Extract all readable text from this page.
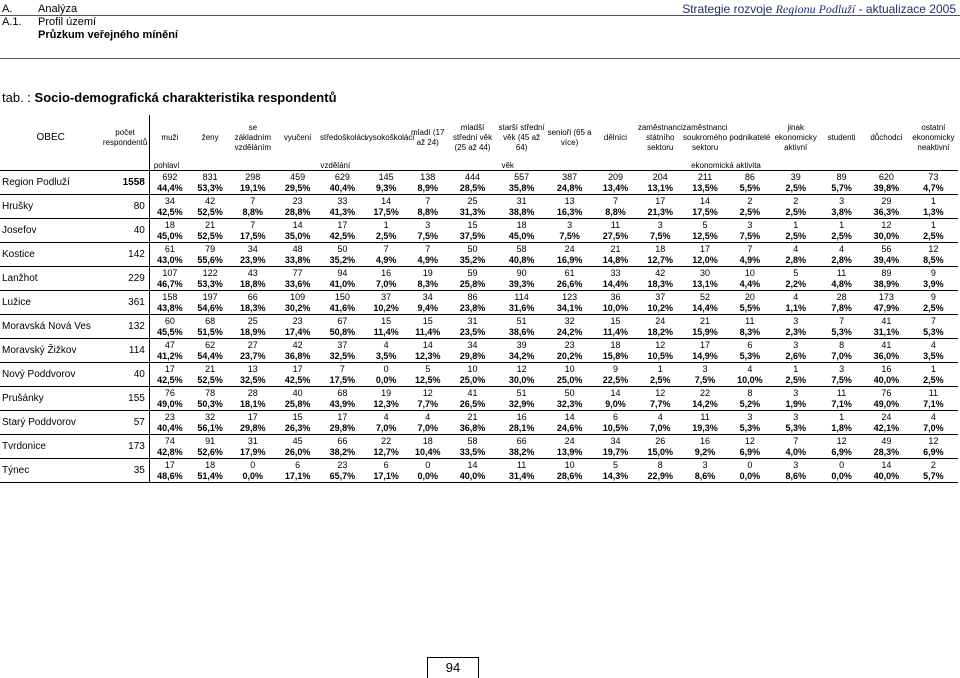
A.	Analýza
A.1.	Profil území
Průzkum veřejného mínění
Strategie rozvoje Regionu Podluží - aktualizace 2005
tab. : Socio-demografická charakteristika respondentů
OBEC	počet respondentů	muži	ženy	se základním vzděláním	vyučení	středoškoláci	vysokoškoláci	mladí (17 až 24)	mladší střední věk (25 až 44)	starší střední věk (45 až 64)	senioři (65 a více)	dělníci	zaměstnanci státního sektoru	zaměstnanci soukromého sektoru	podnikatelé	jinak ekonomicky aktivní	studenti	důchodci	ostatní ekonomicky neaktivní
		pohlaví		vzdělání				věk				ekonomická aktivita							
Region Podluží	1558	692	831	298	459	629	145	138	444	557	387	209	204	211	86	39	89	620	73
		44,4%	53,3%	19,1%	29,5%	40,4%	9,3%	8,9%	28,5%	35,8%	24,8%	13,4%	13,1%	13,5%	5,5%	2,5%	5,7%	39,8%	4,7%
Hrušky	80	34	42	7	23	33	14	7	25	31	13	7	17	14	2	2	3	29	1
		42,5%	52,5%	8,8%	28,8%	41,3%	17,5%	8,8%	31,3%	38,8%	16,3%	8,8%	21,3%	17,5%	2,5%	2,5%	3,8%	36,3%	1,3%
Josefov	40	18	21	7	14	17	1	3	15	18	3	11	3	5	3	1	1	12	1
		45,0%	52,5%	17,5%	35,0%	42,5%	2,5%	7,5%	37,5%	45,0%	7,5%	27,5%	7,5%	12,5%	7,5%	2,5%	2,5%	30,0%	2,5%
Kostice	142	61	79	34	48	50	7	7	50	58	24	21	18	17	7	4	4	56	12
		43,0%	55,6%	23,9%	33,8%	35,2%	4,9%	4,9%	35,2%	40,8%	16,9%	14,8%	12,7%	12,0%	4,9%	2,8%	2,8%	39,4%	8,5%
Lanžhot	229	107	122	43	77	94	16	19	59	90	61	33	42	30	10	5	11	89	9
		46,7%	53,3%	18,8%	33,6%	41,0%	7,0%	8,3%	25,8%	39,3%	26,6%	14,4%	18,3%	13,1%	4,4%	2,2%	4,8%	38,9%	3,9%
Lužice	361	158	197	66	109	150	37	34	86	114	123	36	37	52	20	4	28	173	9
		43,8%	54,6%	18,3%	30,2%	41,6%	10,2%	9,4%	23,8%	31,6%	34,1%	10,0%	10,2%	14,4%	5,5%	1,1%	7,8%	47,9%	2,5%
Moravská Nová Ves	132	60	68	25	23	67	15	15	31	51	32	15	24	21	11	3	7	41	7
		45,5%	51,5%	18,9%	17,4%	50,8%	11,4%	11,4%	23,5%	38,6%	24,2%	11,4%	18,2%	15,9%	8,3%	2,3%	5,3%	31,1%	5,3%
Moravský Žižkov	114	47	62	27	42	37	4	14	34	39	23	18	12	17	6	3	8	41	4
		41,2%	54,4%	23,7%	36,8%	32,5%	3,5%	12,3%	29,8%	34,2%	20,2%	15,8%	10,5%	14,9%	5,3%	2,6%	7,0%	36,0%	3,5%
Nový Poddvorov	40	17	21	13	17	7	0	5	10	12	10	9	1	3	4	1	3	16	1
		42,5%	52,5%	32,5%	42,5%	17,5%	0,0%	12,5%	25,0%	30,0%	25,0%	22,5%	2,5%	7,5%	10,0%	2,5%	7,5%	40,0%	2,5%
Prušánky	155	76	78	28	40	68	19	12	41	51	50	14	12	22	8	3	11	76	11
		49,0%	50,3%	18,1%	25,8%	43,9%	12,3%	7,7%	26,5%	32,9%	32,3%	9,0%	7,7%	14,2%	5,2%	1,9%	7,1%	49,0%	7,1%
Starý Poddvorov	57	23	32	17	15	17	4	4	21	16	14	6	4	11	3	3	1	24	4
		40,4%	56,1%	29,8%	26,3%	29,8%	7,0%	7,0%	36,8%	28,1%	24,6%	10,5%	7,0%	19,3%	5,3%	5,3%	1,8%	42,1%	7,0%
Tvrdonice	173	74	91	31	45	66	22	18	58	66	24	34	26	16	12	7	12	49	12
		42,8%	52,6%	17,9%	26,0%	38,2%	12,7%	10,4%	33,5%	38,2%	13,9%	19,7%	15,0%	9,2%	6,9%	4,0%	6,9%	28,3%	6,9%
Týnec	35	17	18	0	6	23	6	0	14	11	10	5	8	3	0	3	0	14	2
		48,6%	51,4%	0,0%	17,1%	65,7%	17,1%	0,0%	40,0%	31,4%	28,6%	14,3%	22,9%	8,6%	0,0%	8,6%	0,0%	40,0%	5,7%
94
